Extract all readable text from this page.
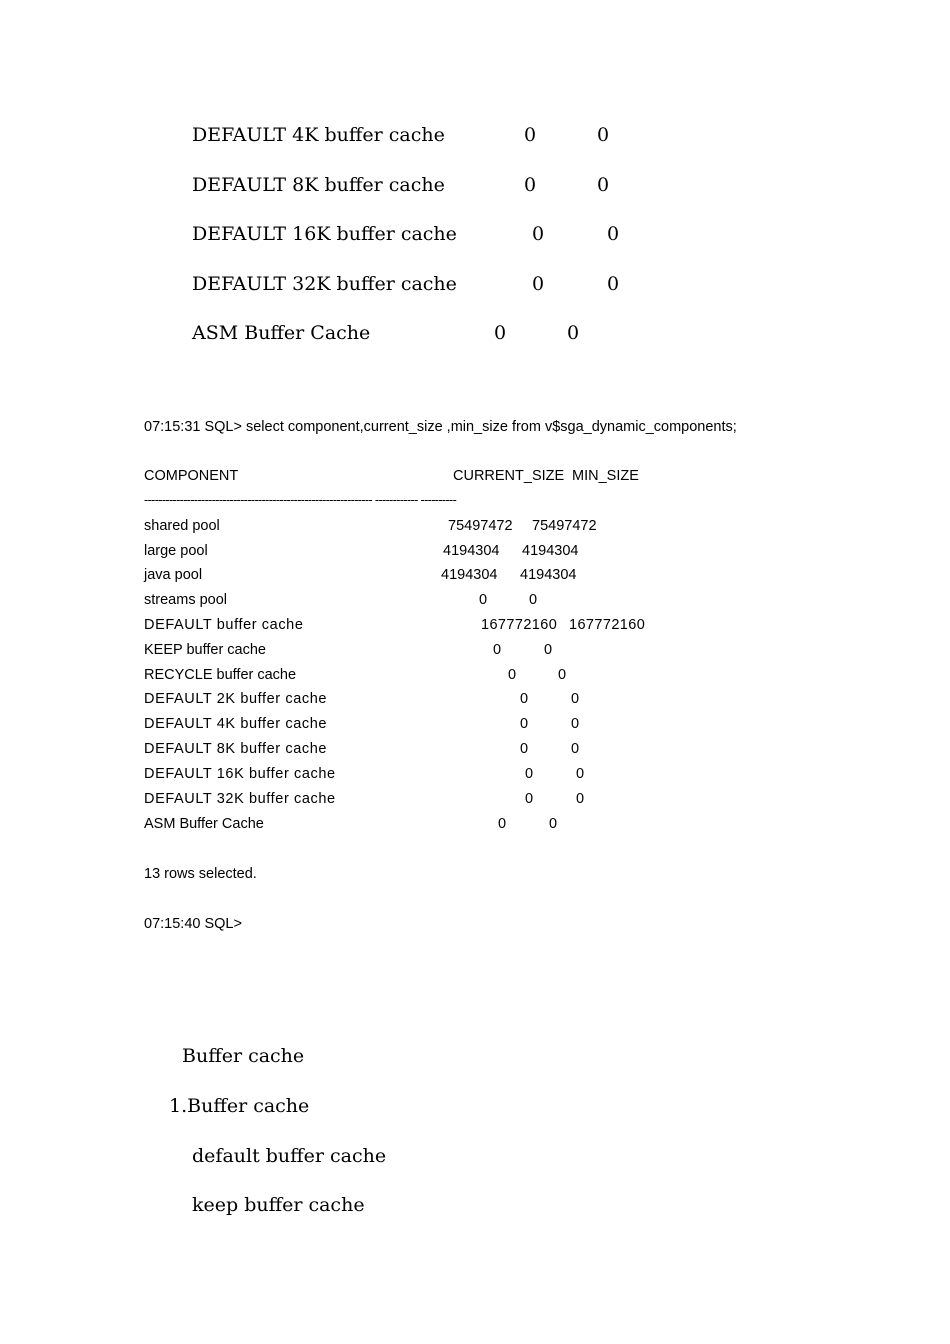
DEFAULT 4K buffer cache	0	0
DEFAULT 8K buffer cache	0	0
DEFAULT 16K buffer cache	0	0
DEFAULT 32K buffer cache	0	0
ASM Buffer Cache	0	0
07:15:31 SQL> select component,current_size ,min_size from v$sga_dynamic_components;
COMPONENT	CURRENT_SIZE MIN_SIZE
---------------------------------------------------------------- ------------ ----------
shared pool	75497472 75497472
large pool	4194304 4194304
java pool	4194304 4194304
streams pool	0	0
DEFAULT buffer cache	167772160 167772160
KEEP buffer cache	0	0
RECYCLE buffer cache	0	0
DEFAULT 2K buffer cache	0	0
DEFAULT 4K buffer cache	0	0
DEFAULT 8K buffer cache	0	0
DEFAULT 16K buffer cache	0	0
DEFAULT 32K buffer cache	0	0
ASM Buffer Cache	0	0
13 rows selected.
07:15:40 SQL>
Buffer cache
1.Buffer cache
default buffer cache
keep buffer cache
